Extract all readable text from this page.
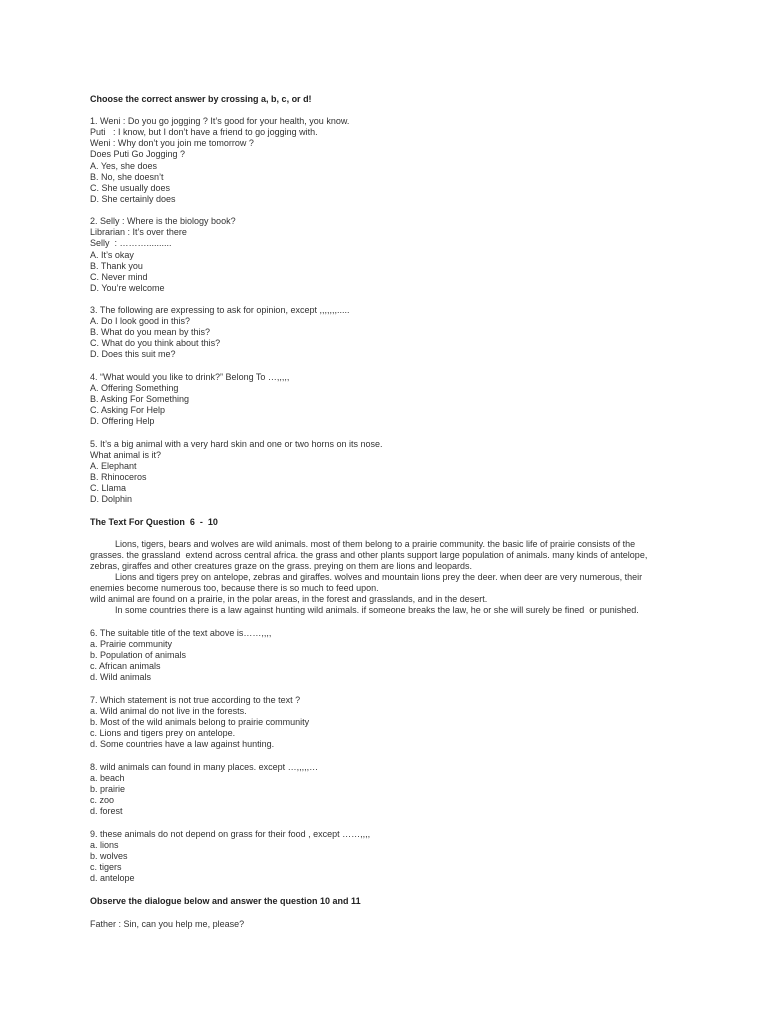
Choose the correct answer by crossing a, b, c, or d!
1. Weni : Do you go jogging ? It’s good for your health, you know.
Puti   : I know, but I don’t have a friend to go jogging with.
Weni : Why don’t you join me tomorrow ?
Does Puti Go Jogging ?
A. Yes, she does
B. No, she doesn’t
C. She usually does
D. She certainly does
2. Selly : Where is the biology book?
Librarian : It’s over there
Selly  : ………..........
A. It’s okay
B. Thank you
C. Never mind
D. You’re welcome
3. The following are expressing to ask for opinion, except ,,,,,,,.....
A. Do I look good in this?
B. What do you mean by this?
C. What do you think about this?
D. Does this suit me?
4. “What would you like to drink?” Belong To …,,,,,
A. Offering Something
B. Asking For Something
C. Asking For Help
D. Offering Help
5. It’s a big animal with a very hard skin and one or two horns on its nose.
What animal is it?
A. Elephant
B. Rhinoceros
C. Llama
D. Dolphin
The Text For Question  6  -  10
Lions, tigers, bears and wolves are wild animals. most of them belong to a prairie community. the basic life of prairie consists of the
grasses. the grassland  extend across central africa. the grass and other plants support large population of animals. many kinds of antelope,
zebras, giraffes and other creatures graze on the grass. preying on them are lions and leopards.
Lions and tigers prey on antelope, zebras and giraffes. wolves and mountain lions prey the deer. when deer are very numerous, their
enemies become numerous too, because there is so much to feed upon.
wild animal are found on a prairie, in the polar areas, in the forest and grasslands, and in the desert.
In some countries there is a law against hunting wild animals. if someone breaks the law, he or she will surely be fined  or punished.
6. The suitable title of the text above is……,,,,
a. Prairie community
b. Population of animals
c. African animals
d. Wild animals
7. Which statement is not true according to the text ?
a. Wild animal do not live in the forests.
b. Most of the wild animals belong to prairie community
c. Lions and tigers prey on antelope.
d. Some countries have a law against hunting.
8. wild animals can found in many places. except …,,,,,…
a. beach
b. prairie
c. zoo
d. forest
9. these animals do not depend on grass for their food , except ……,,,,
a. lions
b. wolves
c. tigers
d. antelope
Observe the dialogue below and answer the question 10 and 11
Father : Sin, can you help me, please?
